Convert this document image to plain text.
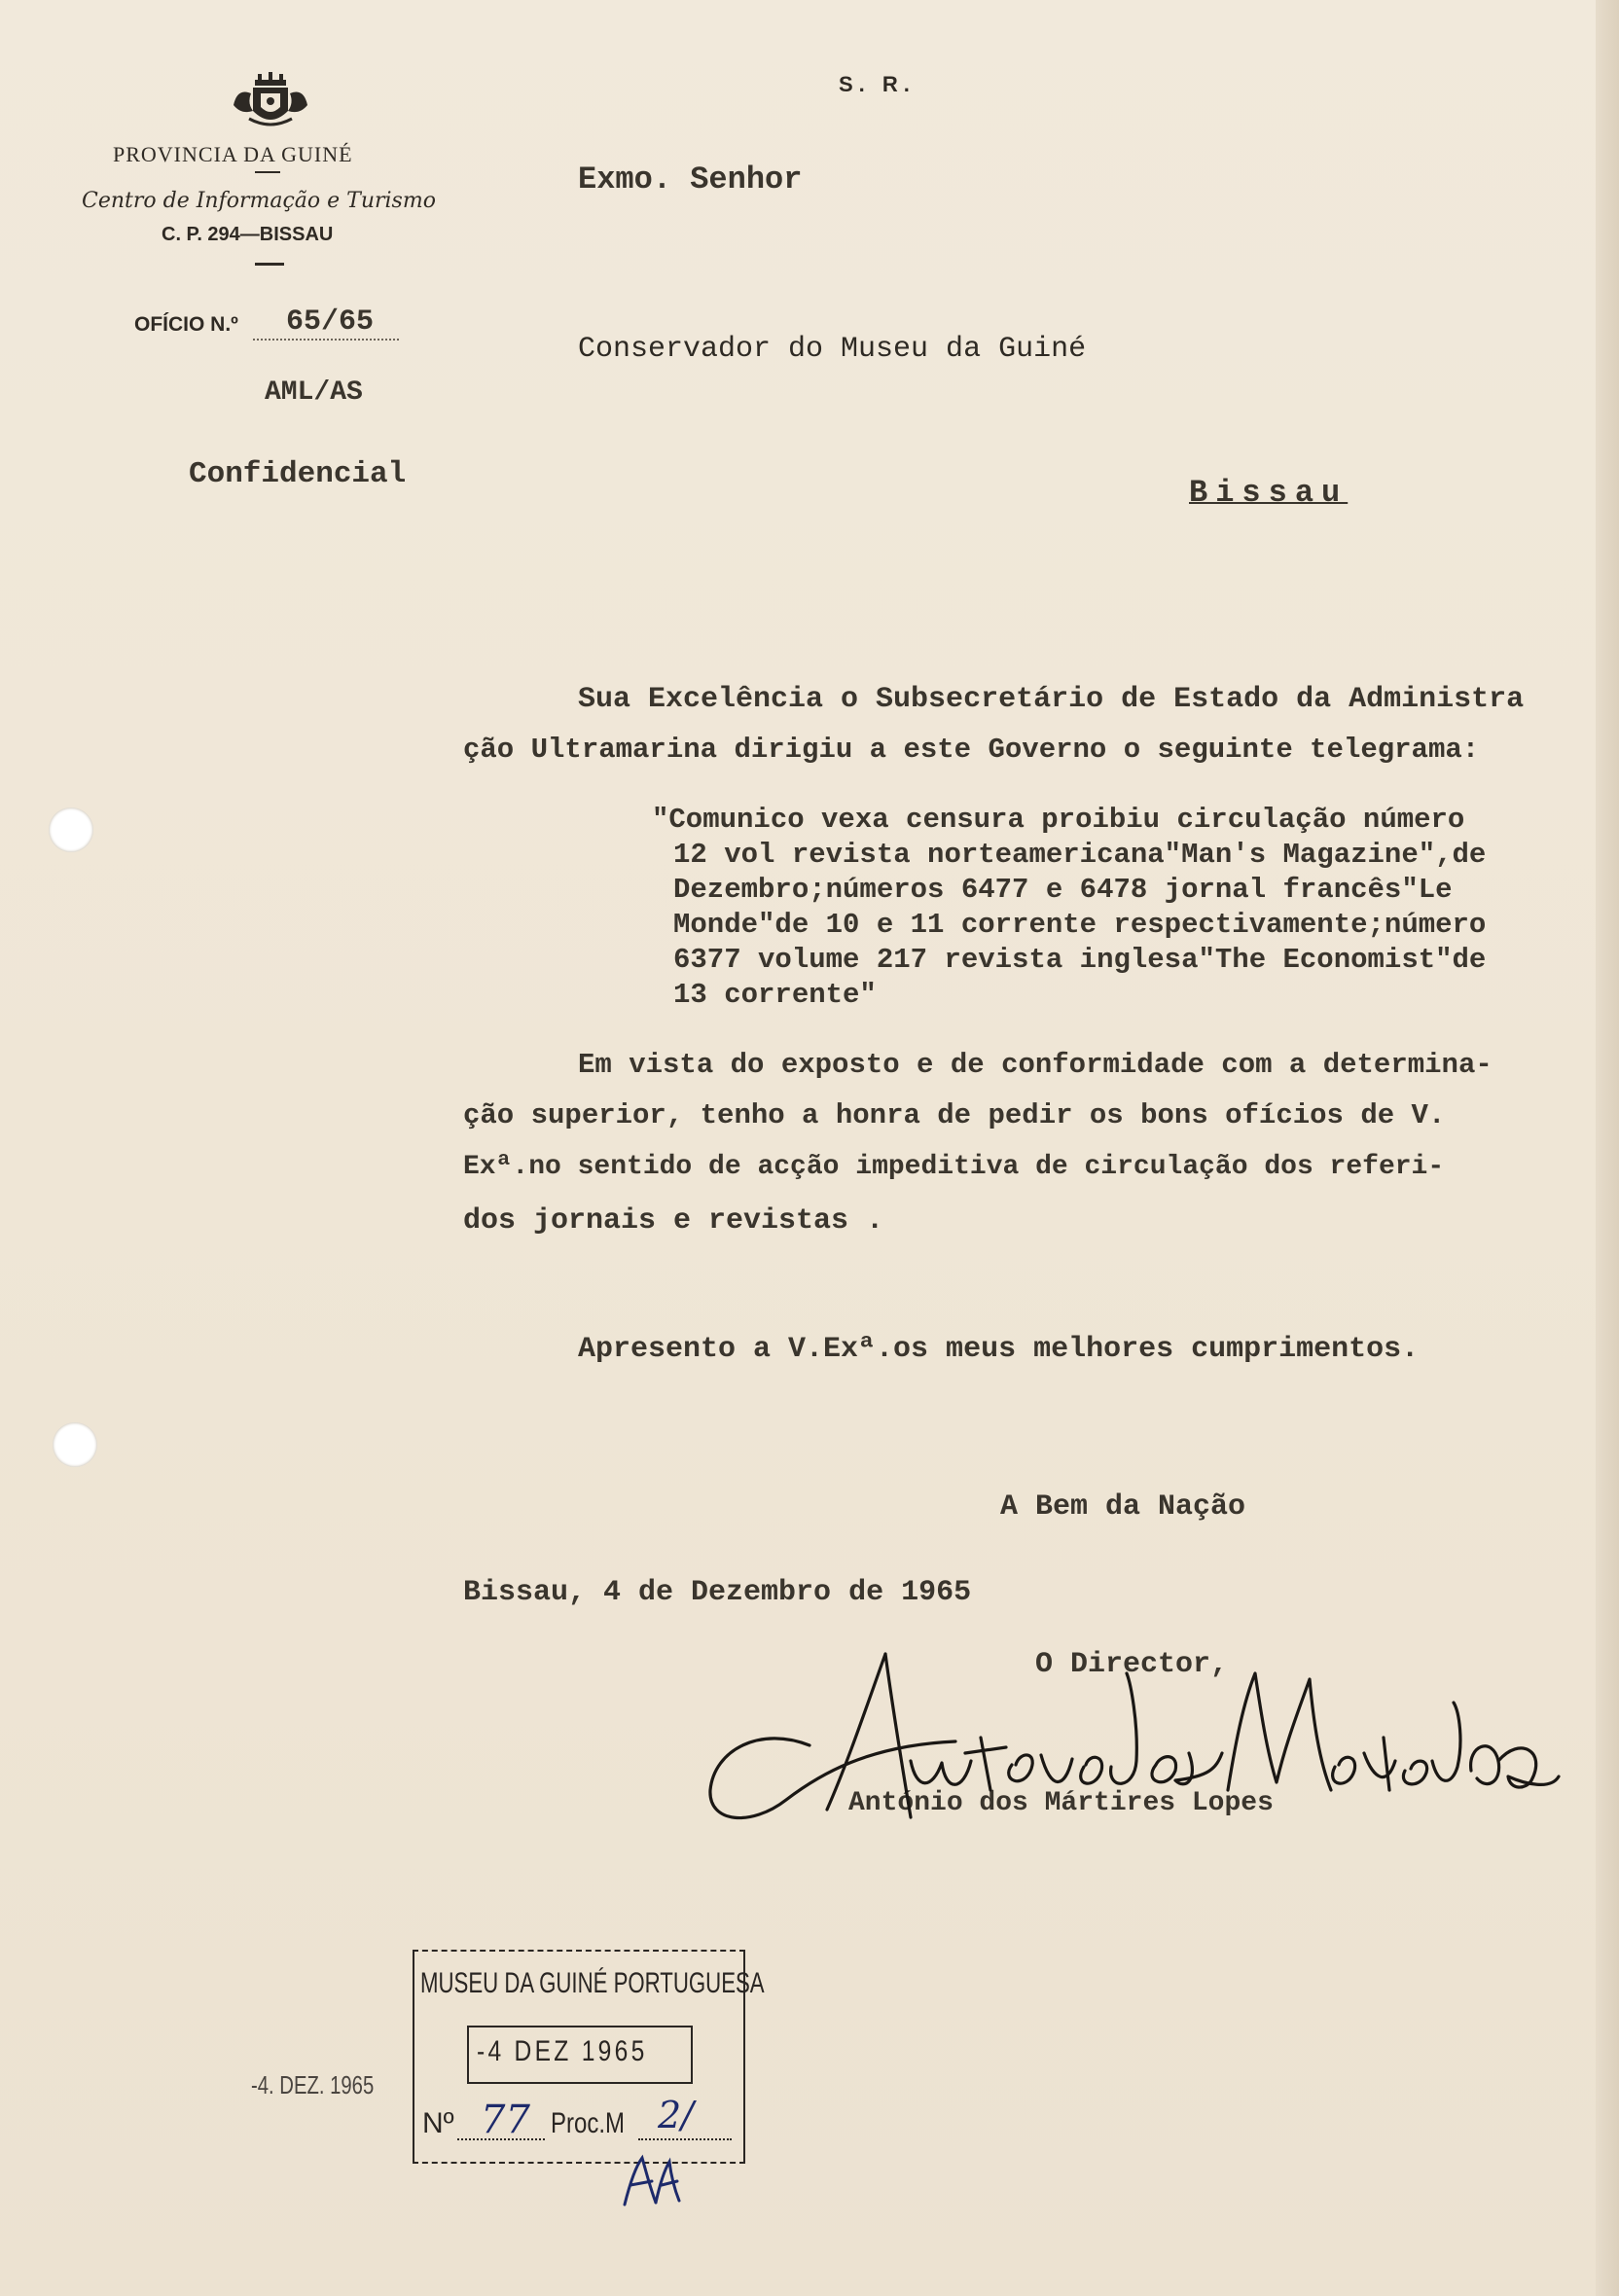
PROVINCIA DA GUINÉ
Centro de Informação e Turismo
C. P. 294—BISSAU
S. R.
OFÍCIO N.º 65/65
AML/AS
Confidencial
Exmo. Senhor
Conservador do Museu da Guiné
Bissau
Sua Excelência o Subsecretário de Estado da Administra
ção Ultramarina dirigiu a este Governo o seguinte telegrama:
"Comunico vexa censura proibiu circulação número
12 vol revista norteamericana"Man's Magazine",de
Dezembro;números 6477 e 6478 jornal francês"Le
Monde"de 10 e 11 corrente respectivamente;número
6377 volume 217 revista inglesa"The Economist"de
13 corrente"
Em vista do exposto e de conformidade com a determina-
ção superior, tenho a honra de pedir os bons ofícios de V.
Exª.no sentido de acção impeditiva de circulação dos referi-
dos jornais e revistas .
Apresento a V.Exª.os meus melhores cumprimentos.
A Bem da Nação
Bissau, 4 de Dezembro de 1965
O Director,
António dos Mártires Lopes
-4. DEZ. 1965
MUSEU DA GUINÉ PORTUGUESA
-4 DEZ 1965
Nº 77 Proc.M 2/
